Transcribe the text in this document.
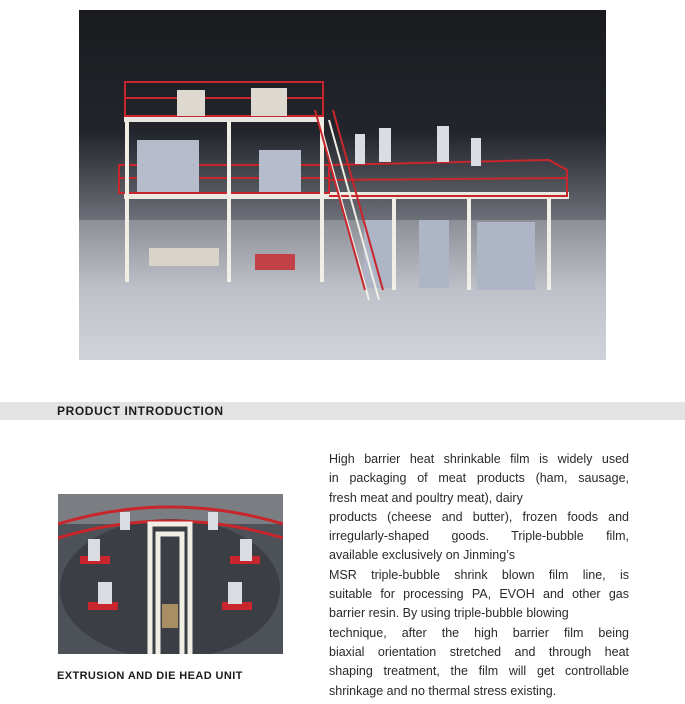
PRODUCT INTRODUCTION
EXTRUSION AND DIE HEAD UNIT
High barrier heat shrinkable film is widely used
in packaging of meat products (ham, sausage,
fresh meat and poultry meat), dairy
products (cheese and butter), frozen foods and
irregularly-shaped goods. Triple-bubble film,
available exclusively on Jinming’s
MSR triple-bubble shrink blown film line, is
suitable for processing PA, EVOH and other gas
barrier resin. By using triple-bubble blowing
technique, after the high barrier film being
biaxial orientation stretched and through heat
shaping treatment, the film will get controllable
shrinkage and no thermal stress existing.
